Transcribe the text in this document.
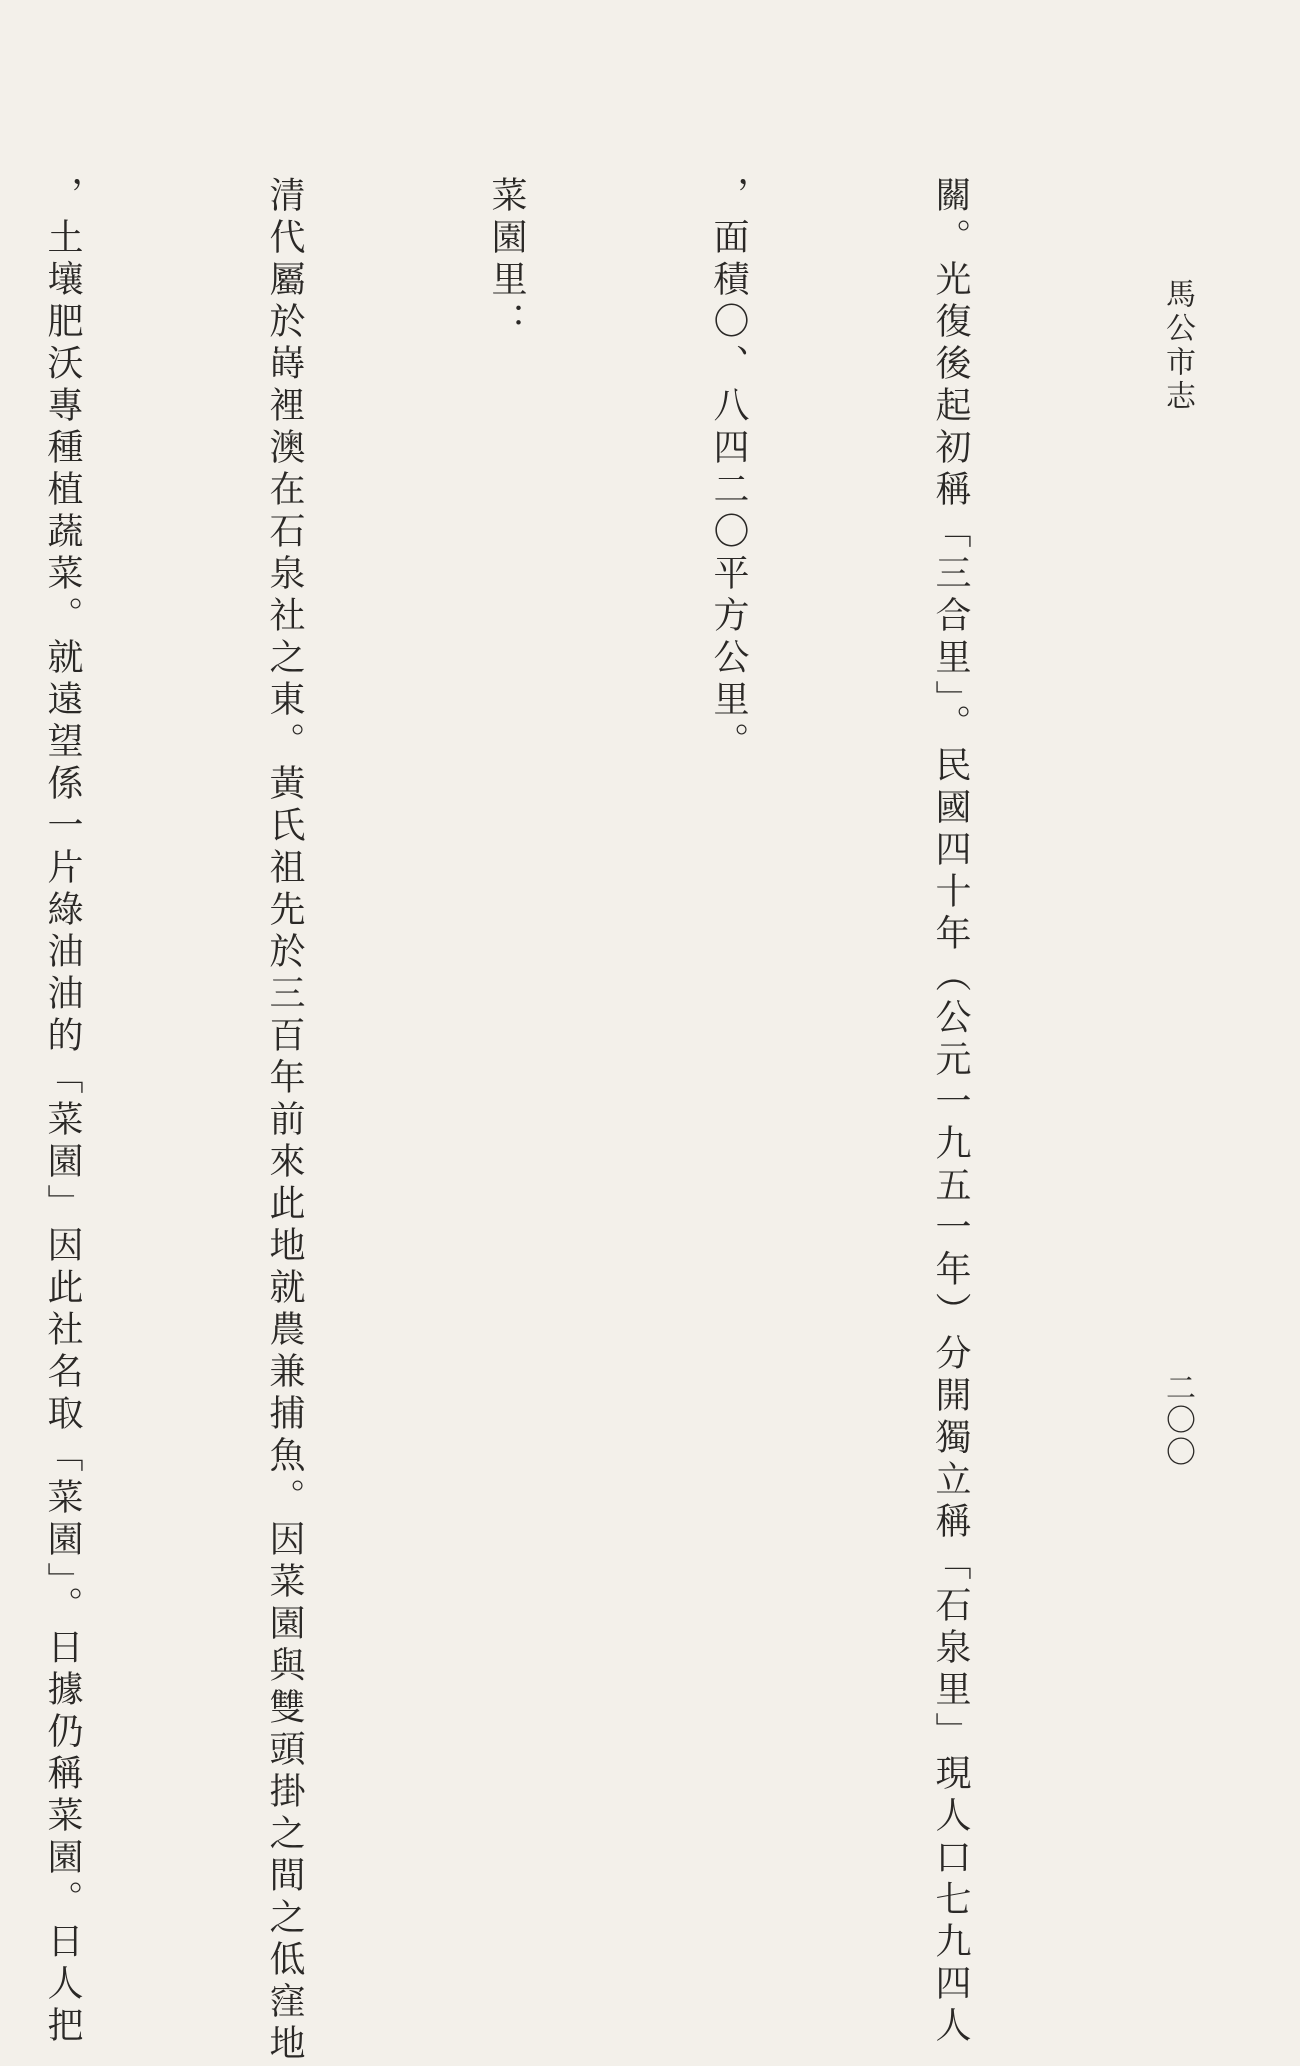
馬公市志
二〇〇

關。光復後起初稱「三合里」。民國四十年（公元一九五一年）分開獨立稱「石泉里」現人口七九四人

，面積〇、八四二〇平方公里。

菜園里：

清代屬於嵵裡澳在石泉社之東。黃氏祖先於三百年前來此地就農兼捕魚。因菜園與雙頭掛之間之低窪地

，土壤肥沃專種植蔬菜。就遠望係一片綠油油的「菜園」因此社名取「菜園」。日據仍稱菜園。日人把
